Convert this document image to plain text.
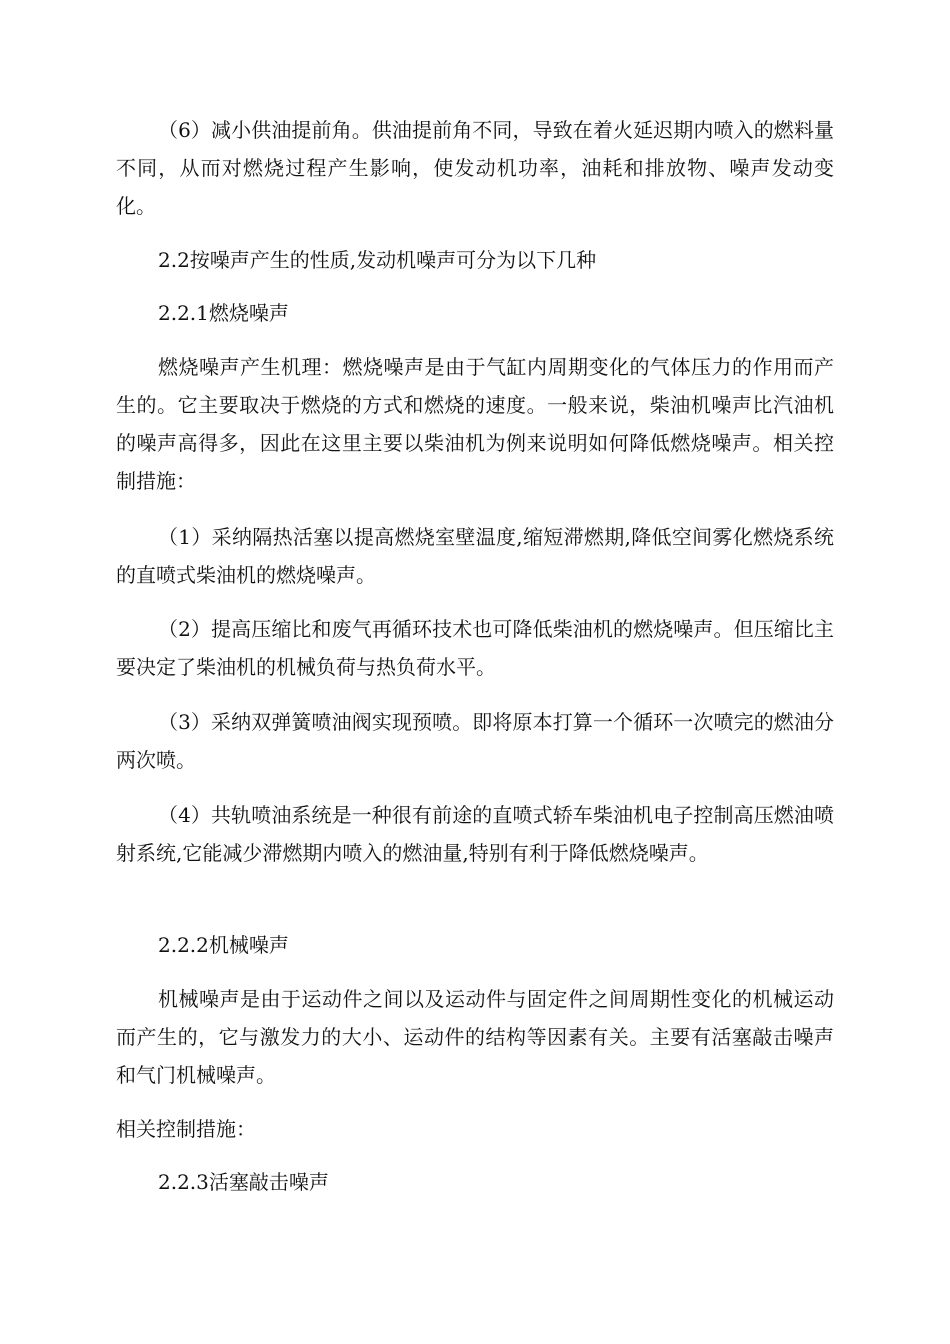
（6）减小供油提前角。供油提前角不同，导致在着火延迟期内喷入的燃料量不同，从而对燃烧过程产生影响，使发动机功率，油耗和排放物、噪声发动变化。

2.2按噪声产生的性质,发动机噪声可分为以下几种

2.2.1燃烧噪声

燃烧噪声产生机理：燃烧噪声是由于气缸内周期变化的气体压力的作用而产生的。它主要取决于燃烧的方式和燃烧的速度。一般来说，柴油机噪声比汽油机的噪声高得多，因此在这里主要以柴油机为例来说明如何降低燃烧噪声。相关控制措施：

（1）采纳隔热活塞以提高燃烧室壁温度,缩短滞燃期,降低空间雾化燃烧系统的直喷式柴油机的燃烧噪声。

（2）提高压缩比和废气再循环技术也可降低柴油机的燃烧噪声。但压缩比主要决定了柴油机的机械负荷与热负荷水平。

（3）采纳双弹簧喷油阀实现预喷。即将原本打算一个循环一次喷完的燃油分两次喷。

（4）共轨喷油系统是一种很有前途的直喷式轿车柴油机电子控制高压燃油喷射系统,它能减少滞燃期内喷入的燃油量,特别有利于降低燃烧噪声。

2.2.2机械噪声

机械噪声是由于运动件之间以及运动件与固定件之间周期性变化的机械运动而产生的，它与激发力的大小、运动件的结构等因素有关。主要有活塞敲击噪声和气门机械噪声。

相关控制措施：

2.2.3活塞敲击噪声
